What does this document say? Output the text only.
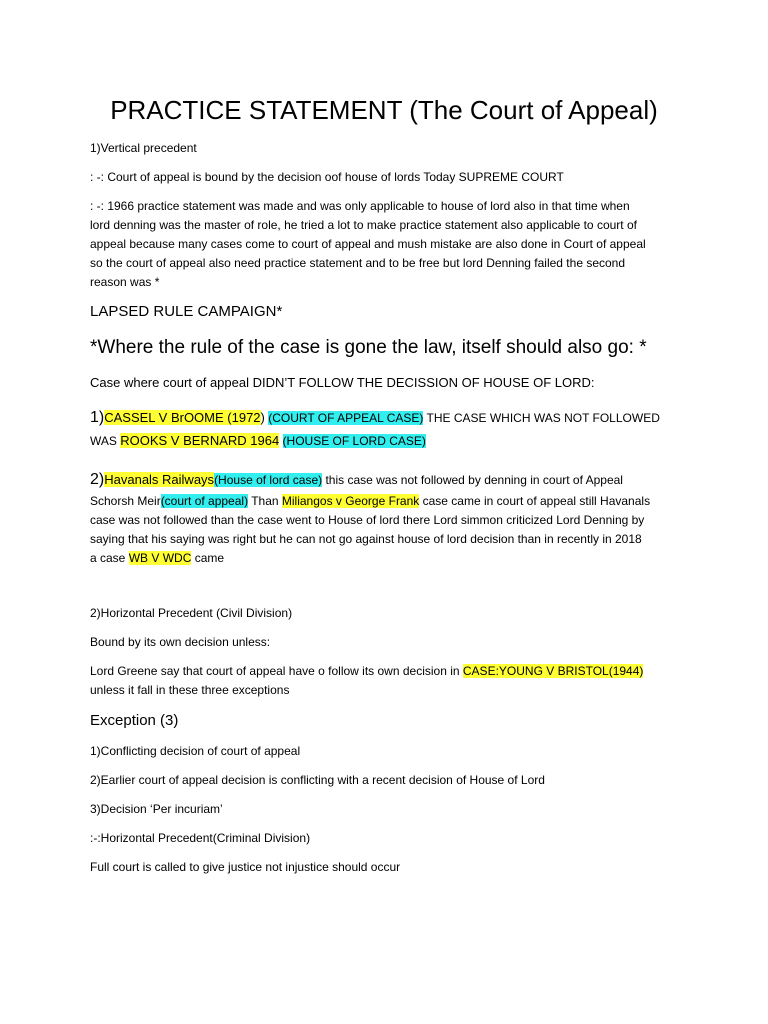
PRACTICE STATEMENT (The Court of Appeal)
1)Vertical precedent
: -: Court of appeal is bound by the decision oof house of lords Today SUPREME COURT
: -: 1966 practice statement was made and was only applicable to house of lord also in that time when
lord denning was the master of role, he tried a lot to make practice statement also applicable to court of
appeal because many cases come to court of appeal and mush mistake are also done in Court of appeal
so the court of appeal also need practice statement and to be free but lord Denning failed the second
reason was *
LAPSED RULE CAMPAIGN*
*Where the rule of the case is gone the law, itself should also go: *
Case where court of appeal DIDN’T FOLLOW THE DECISSION OF HOUSE OF LORD:
1)CASSEL V BrOOME (1972) (COURT OF APPEAL CASE) THE CASE WHICH WAS NOT FOLLOWED
WAS ROOKS V BERNARD 1964 (HOUSE OF LORD CASE)
2)Havanals Railways(House of lord case) this case was not followed by denning in court of Appeal
Schorsh Meir(court of appeal) Than Miliangos v George Frank case came in court of appeal still Havanals
case was not followed than the case went to House of lord there Lord simmon criticized Lord Denning by
saying that his saying was right but he can not go against house of lord decision than in recently in 2018
a case WB V WDC came
2)Horizontal Precedent (Civil Division)
Bound by its own decision unless:
Lord Greene say that court of appeal have o follow its own decision in CASE:YOUNG V BRISTOL(1944)
unless it fall in these three exceptions
Exception (3)
1)Conflicting decision of court of appeal
2)Earlier court of appeal decision is conflicting with a recent decision of House of Lord
3)Decision ‘Per incuriam’
:-:Horizontal Precedent(Criminal Division)
Full court is called to give justice not injustice should occur
